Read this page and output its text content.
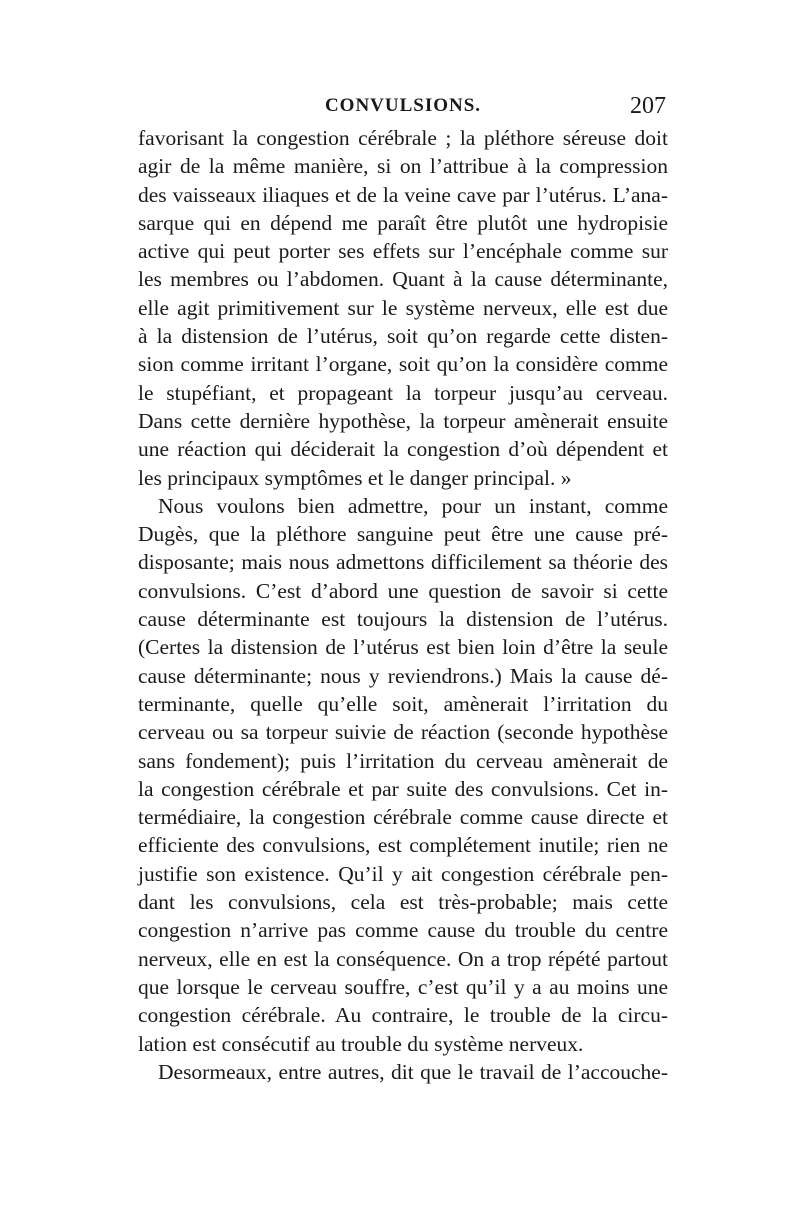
CONVULSIONS.	207
favorisant la congestion cérébrale ; la pléthore séreuse doit
agir de la même manière, si on l’attribue à la compression
des vaisseaux iliaques et de la veine cave par l’utérus. L’ana-
sarque qui en dépend me paraît être plutôt une hydropisie
active qui peut porter ses effets sur l’encéphale comme sur
les membres ou l’abdomen. Quant à la cause déterminante,
elle agit primitivement sur le système nerveux, elle est due
à la distension de l’utérus, soit qu’on regarde cette disten-
sion comme irritant l’organe, soit qu’on la considère comme
le stupéfiant, et propageant la torpeur jusqu’au cerveau.
Dans cette dernière hypothèse, la torpeur amènerait ensuite
une réaction qui déciderait la congestion d’où dépendent et
les principaux symptômes et le danger principal. »
Nous voulons bien admettre, pour un instant, comme
Dugès, que la pléthore sanguine peut être une cause pré-
disposante; mais nous admettons difficilement sa théorie des
convulsions. C’est d’abord une question de savoir si cette
cause déterminante est toujours la distension de l’utérus.
(Certes la distension de l’utérus est bien loin d’être la seule
cause déterminante; nous y reviendrons.) Mais la cause dé-
terminante, quelle qu’elle soit, amènerait l’irritation du
cerveau ou sa torpeur suivie de réaction (seconde hypothèse
sans fondement); puis l’irritation du cerveau amènerait de
la congestion cérébrale et par suite des convulsions. Cet in-
termédiaire, la congestion cérébrale comme cause directe et
efficiente des convulsions, est complétement inutile; rien ne
justifie son existence. Qu’il y ait congestion cérébrale pen-
dant les convulsions, cela est très-probable; mais cette
congestion n’arrive pas comme cause du trouble du centre
nerveux, elle en est la conséquence. On a trop répété partout
que lorsque le cerveau souffre, c’est qu’il y a au moins une
congestion cérébrale. Au contraire, le trouble de la circu-
lation est consécutif au trouble du système nerveux.
Desormeaux, entre autres, dit que le travail de l’accouche-
